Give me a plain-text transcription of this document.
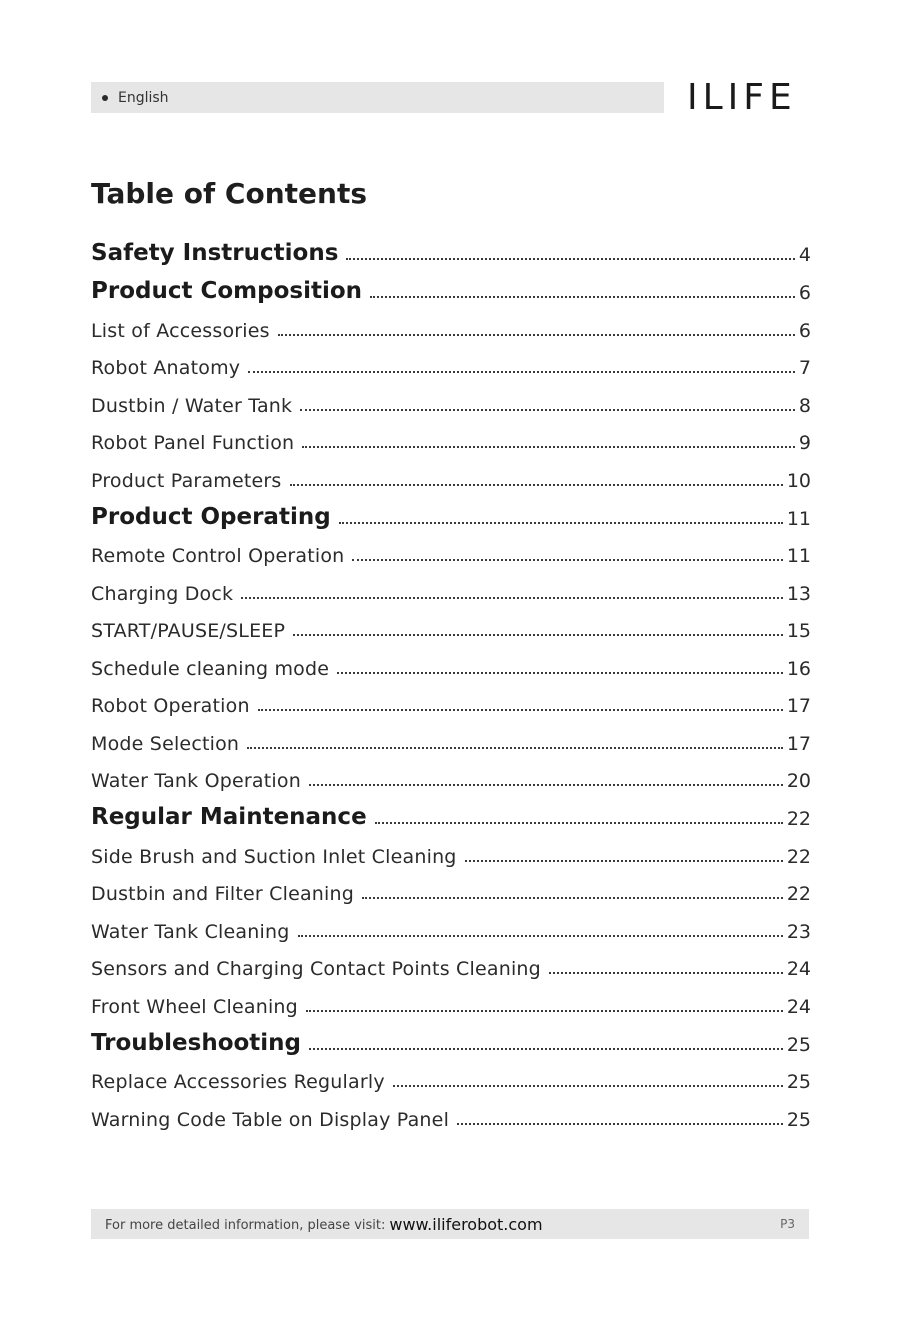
English	ILIFE
Table of Contents
Safety Instructions	4
Product Composition	6
List of Accessories	6
Robot Anatomy	7
Dustbin / Water Tank	8
Robot Panel Function	9
Product Parameters	10
Product Operating	11
Remote Control Operation	11
Charging Dock	13
START/PAUSE/SLEEP	15
Schedule cleaning mode	16
Robot Operation	17
Mode Selection	17
Water Tank Operation	20
Regular Maintenance	22
Side Brush and Suction Inlet Cleaning	22
Dustbin and Filter Cleaning	22
Water Tank Cleaning	23
Sensors and Charging Contact Points Cleaning	24
Front Wheel Cleaning	24
Troubleshooting	25
Replace Accessories Regularly	25
Warning Code Table on Display Panel	25
For more detailed information, please visit: www.iliferobot.com	P3
